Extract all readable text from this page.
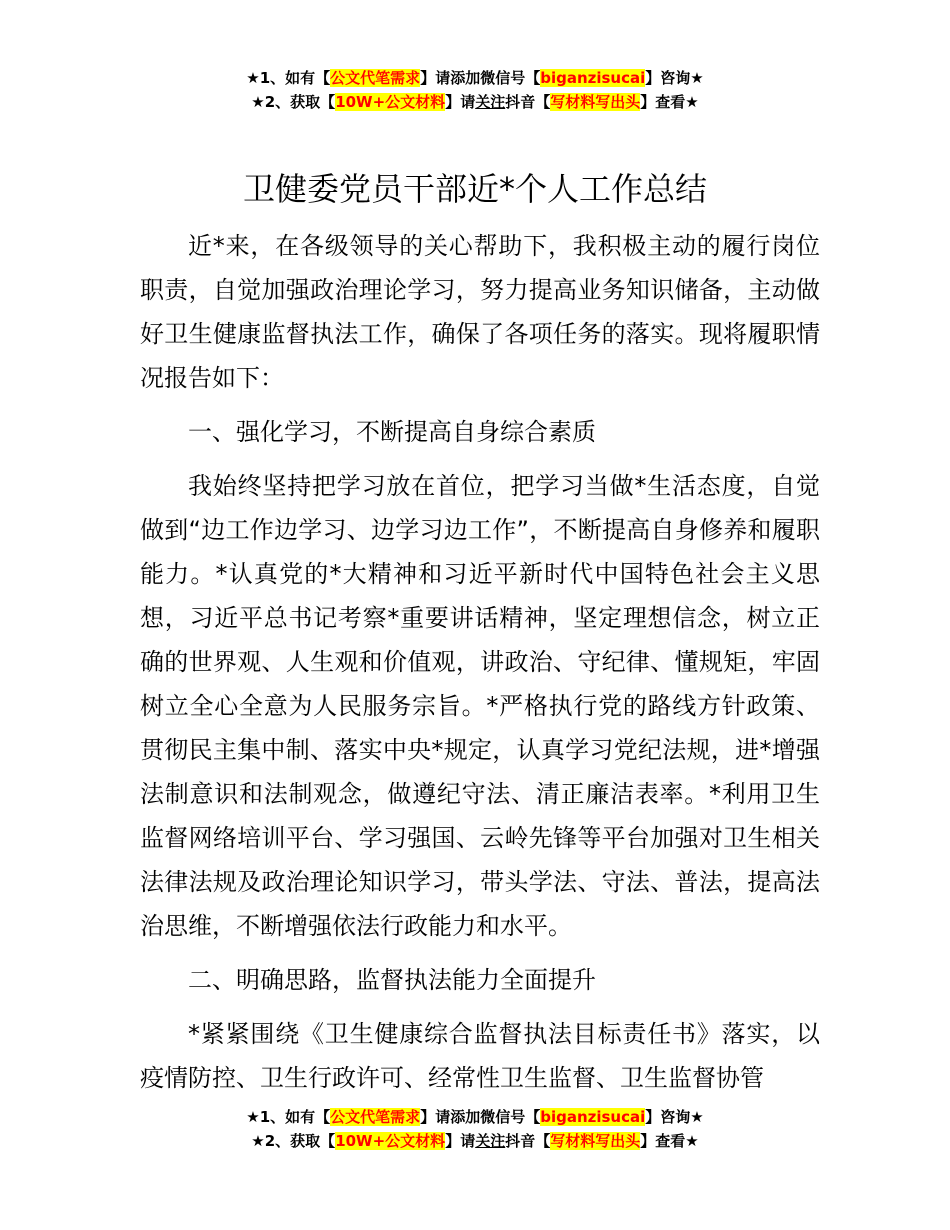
★1、如有【公文代笔需求】请添加微信号【biganzisucai】咨询★
★2、获取【10W+公文材料】请关注抖音【写材料写出头】查看★
卫健委党员干部近*个人工作总结

近*来，在各级领导的关心帮助下，我积极主动的履行岗位职责，自觉加强政治理论学习，努力提高业务知识储备，主动做好卫生健康监督执法工作，确保了各项任务的落实。现将履职情况报告如下：

一、强化学习，不断提高自身综合素质

我始终坚持把学习放在首位，把学习当做*生活态度，自觉做到“边工作边学习、边学习边工作”，不断提高自身修养和履职能力。*认真党的*大精神和习近平新时代中国特色社会主义思想，习近平总书记考察*重要讲话精神，坚定理想信念，树立正确的世界观、人生观和价值观，讲政治、守纪律、懂规矩，牢固树立全心全意为人民服务宗旨。*严格执行党的路线方针政策、贯彻民主集中制、落实中央*规定，认真学习党纪法规，进*增强法制意识和法制观念，做遵纪守法、清正廉洁表率。*利用卫生监督网络培训平台、学习强国、云岭先锋等平台加强对卫生相关法律法规及政治理论知识学习，带头学法、守法、普法，提高法治思维，不断增强依法行政能力和水平。

二、明确思路，监督执法能力全面提升

*紧紧围绕《卫生健康综合监督执法目标责任书》落实，以疫情防控、卫生行政许可、经常性卫生监督、卫生监督协管

★1、如有【公文代笔需求】请添加微信号【biganzisucai】咨询★
★2、获取【10W+公文材料】请关注抖音【写材料写出头】查看★
